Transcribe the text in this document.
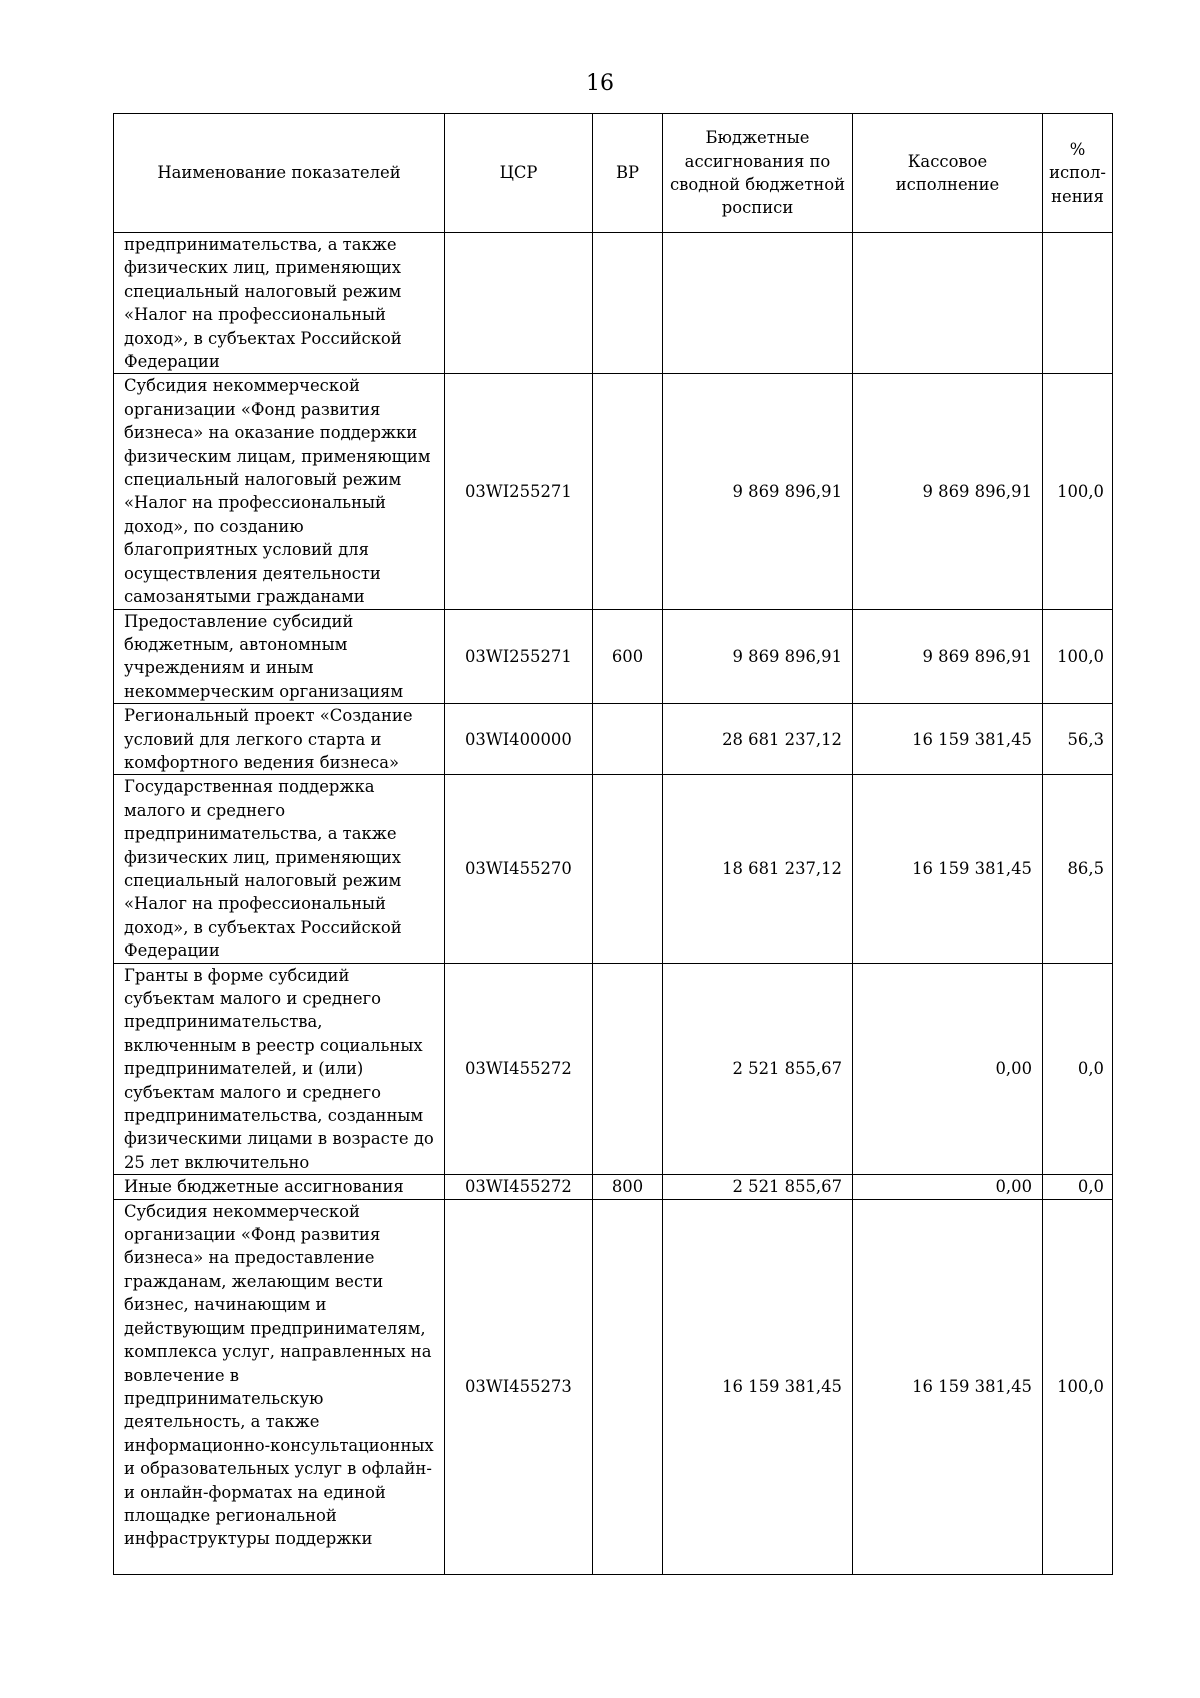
16
Наименование показателей	ЦСР	ВР	Бюджетные ассигнования по сводной бюджетной росписи	Кассовое исполнение	% испол-нения
предпринимательства, а также физических лиц, применяющих специальный налоговый режим «Налог на профессиональный доход», в субъектах Российской Федерации					
Субсидия некоммерческой организации «Фонд развития бизнеса» на оказание поддержки физическим лицам, применяющим специальный налоговый режим «Налог на профессиональный доход», по созданию благоприятных условий для осуществления деятельности самозанятыми гражданами	03WI255271		9 869 896,91	9 869 896,91	100,0
Предоставление субсидий бюджетным, автономным учреждениям и иным некоммерческим организациям	03WI255271	600	9 869 896,91	9 869 896,91	100,0
Региональный проект «Создание условий для легкого старта и комфортного ведения бизнеса»	03WI400000		28 681 237,12	16 159 381,45	56,3
Государственная поддержка малого и среднего предпринимательства, а также физических лиц, применяющих специальный налоговый режим «Налог на профессиональный доход», в субъектах Российской Федерации	03WI455270		18 681 237,12	16 159 381,45	86,5
Гранты в форме субсидий субъектам малого и среднего предпринимательства, включенным в реестр социальных предпринимателей, и (или) субъектам малого и среднего предпринимательства, созданным физическими лицами в возрасте до 25 лет включительно	03WI455272		2 521 855,67	0,00	0,0
Иные бюджетные ассигнования	03WI455272	800	2 521 855,67	0,00	0,0
Субсидия некоммерческой организации «Фонд развития бизнеса» на предоставление гражданам, желающим вести бизнес, начинающим и действующим предпринимателям, комплекса услуг, направленных на вовлечение в предпринимательскую деятельность, а также информационно-консультационных и образовательных услуг в офлайн- и онлайн-форматах на единой площадке региональной инфраструктуры поддержки	03WI455273		16 159 381,45	16 159 381,45	100,0
